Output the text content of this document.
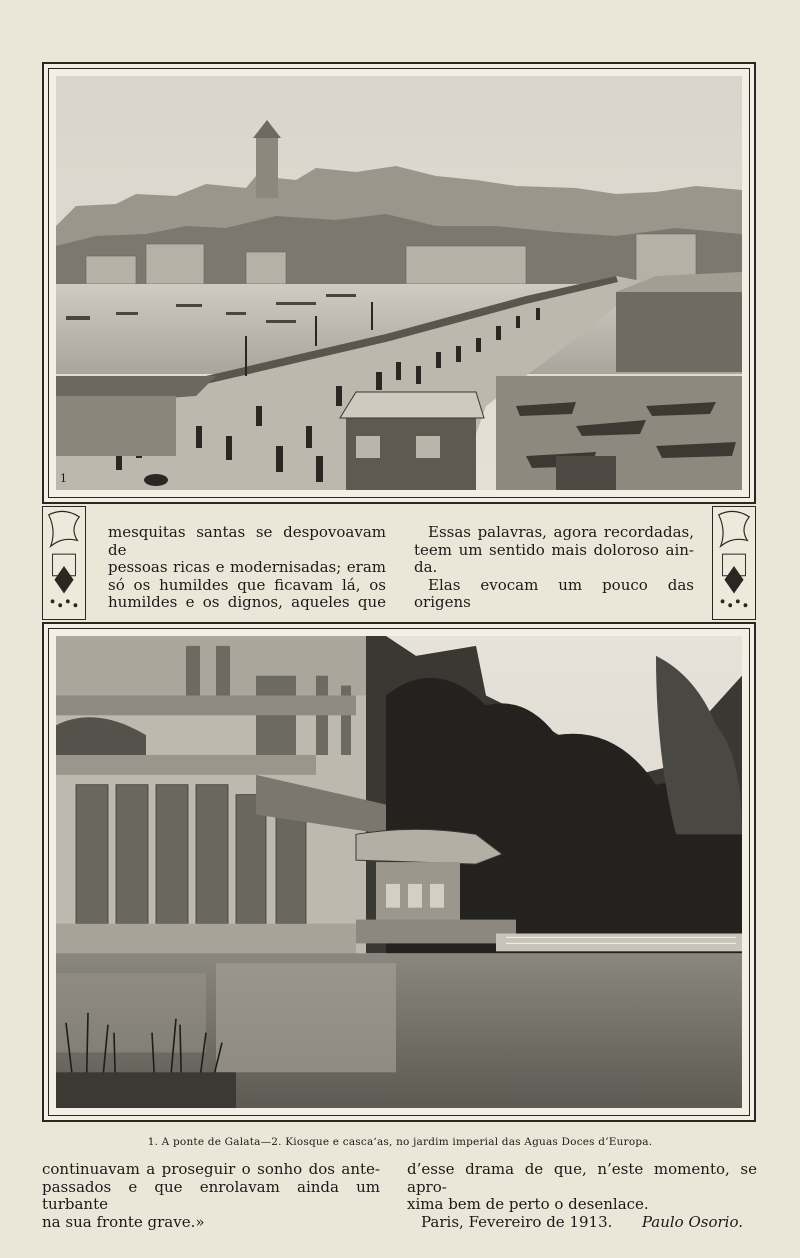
1

mesquitas santas se despovoavam de

pessoas ricas e modernisadas; eram

só os humildes que ficavam lá, os

humildes e os dignos, aqueles que

Essas palavras, agora recordadas,

teem um sentido mais doloroso ain-

da.

Elas evocam um pouco das origens

1. A ponte de Galata—2. Kiosque e casca‘as, no jardim imperial das Aguas Doces d’Europa.

continuavam a proseguir o sonho dos ante-

passados e que enrolavam ainda um turbante

na sua fronte grave.»

d’esse drama de que, n’este momento, se apro-

xima bem de perto o desenlace.

Paris, Fevereiro de 1913. Paulo Osorio.
